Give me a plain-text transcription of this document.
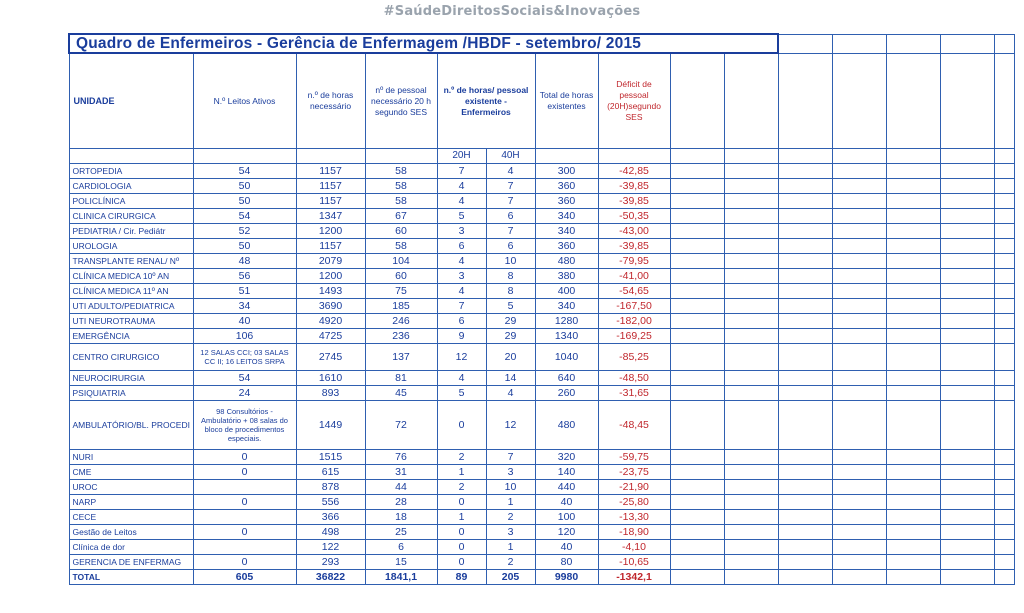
#SaúdeDireitosSociais&Inovações
Quadro de Enfermeiros - Gerência de Enfermagem /HBDF - setembro/ 2015														
UNIDADE	N.º Leitos Ativos	n.º de horas necessário	nº de pessoal necessário 20 h segundo SES	n.º de horas/ pessoal existente - Enfermeiros		Total de horas existentes	Déficit de pessoal (20H)segundo SES							
				20H	40H									
ORTOPEDIA	54	1157	58	7	4	300	-42,85							
CARDIOLOGIA	50	1157	58	4	7	360	-39,85							
POLICLÍNICA	50	1157	58	4	7	360	-39,85							
CLINICA CIRURGICA	54	1347	67	5	6	340	-50,35							
PEDIATRIA / Cir. Pediátr	52	1200	60	3	7	340	-43,00							
UROLOGIA	50	1157	58	6	6	360	-39,85							
TRANSPLANTE RENAL/ Nº	48	2079	104	4	10	480	-79,95							
CLÍNICA MEDICA 10º AN	56	1200	60	3	8	380	-41,00							
CLÍNICA MEDICA 11º AN	51	1493	75	4	8	400	-54,65							
UTI ADULTO/PEDIATRICA	34	3690	185	7	5	340	-167,50							
UTI NEUROTRAUMA	40	4920	246	6	29	1280	-182,00							
EMERGÊNCIA	106	4725	236	9	29	1340	-169,25							
CENTRO CIRURGICO	12 SALAS CCI; 03 SALAS CC II; 16 LEITOS SRPA	2745	137	12	20	1040	-85,25							
NEUROCIRURGIA	54	1610	81	4	14	640	-48,50							
PSIQUIATRIA	24	893	45	5	4	260	-31,65							
AMBULATÓRIO/BL. PROCEDI	98 Consultórios - Ambulatório + 08 salas do bloco de procedimentos especiais.	1449	72	0	12	480	-48,45							
NURI	0	1515	76	2	7	320	-59,75							
CME	0	615	31	1	3	140	-23,75							
UROC		878	44	2	10	440	-21,90							
NARP	0	556	28	0	1	40	-25,80							
CECE		366	18	1	2	100	-13,30							
Gestão de Leitos	0	498	25	0	3	120	-18,90							
Clínica de dor		122	6	0	1	40	-4,10							
GERENCIA DE ENFERMAG	0	293	15	0	2	80	-10,65							
TOTAL	605	36822	1841,1	89	205	9980	-1342,1							
